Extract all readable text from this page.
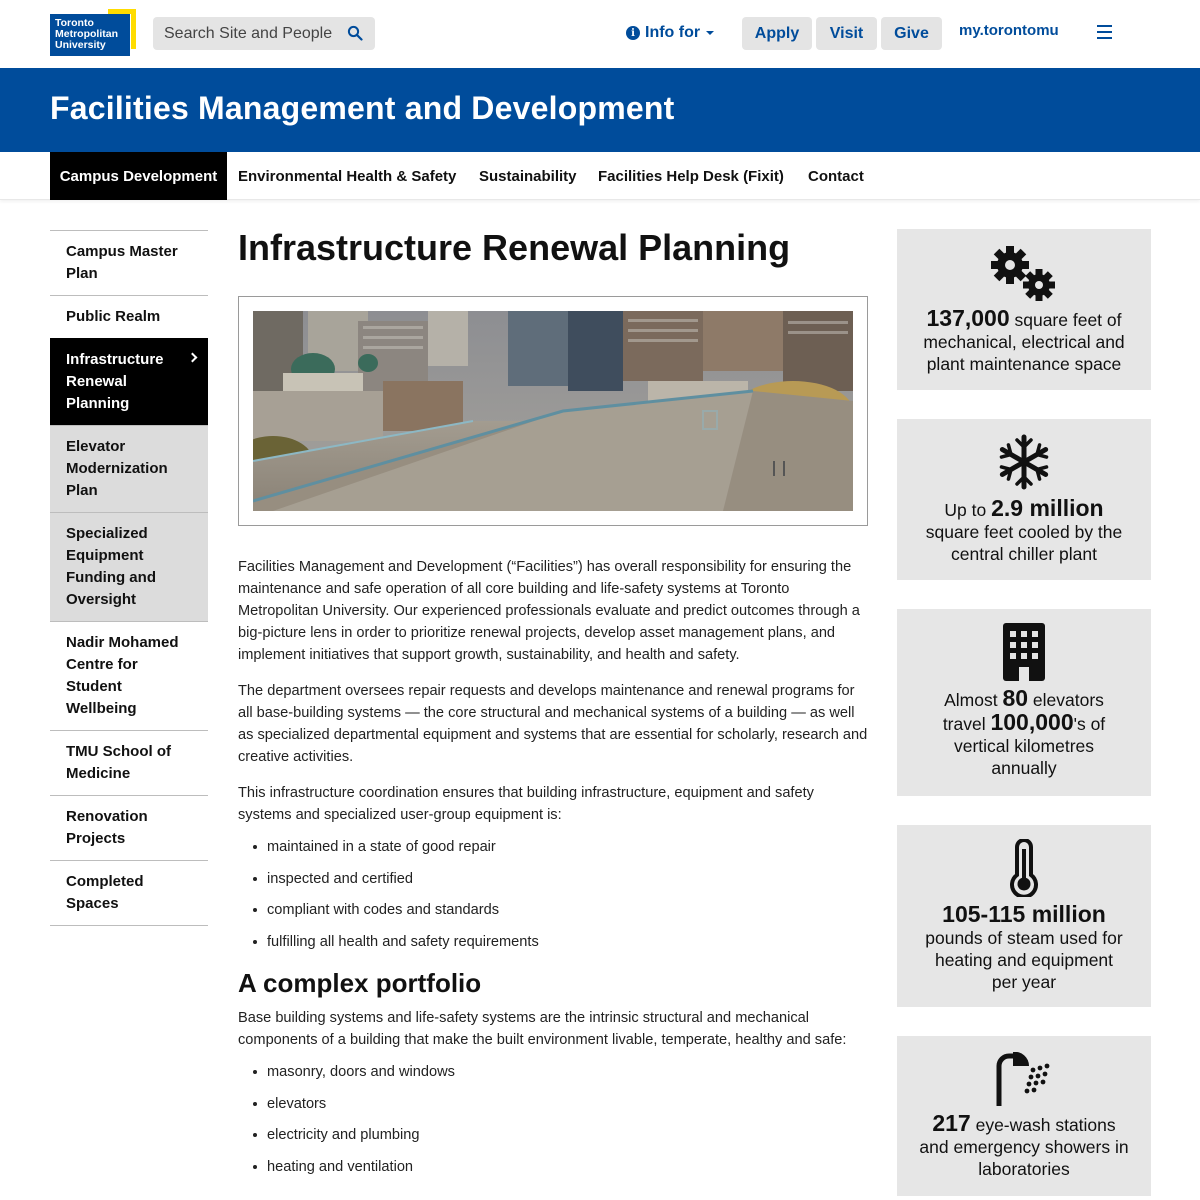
Toronto
Metropolitan
University
Search Site and People
i Info for	Apply	Visit	Give	my.torontomu
Facilities Management and Development
Campus Development	Environmental Health & Safety Sustainability Facilities Help Desk (Fixit) Contact
Campus Master Plan
Public Realm
Infrastructure Renewal Planning
Elevator Modernization Plan
Specialized Equipment Funding and Oversight
Nadir Mohamed Centre for Student Wellbeing
TMU School of Medicine
Renovation Projects
Completed Spaces
Infrastructure Renewal Planning

Facilities Management and Development (“Facilities”) has overall responsibility for ensuring the maintenance and safe operation of all core building and life-safety systems at Toronto Metropolitan University. Our experienced professionals evaluate and predict outcomes through a big-picture lens in order to prioritize renewal projects, develop asset management plans, and implement initiatives that support growth, sustainability, and health and safety.

The department oversees repair requests and develops maintenance and renewal programs for all base-building systems — the core structural and mechanical systems of a building — as well as specialized departmental equipment and systems that are essential for scholarly, research and creative activities.

This infrastructure coordination ensures that building infrastructure, equipment and safety systems and specialized user-group equipment is:

maintained in a state of good repair
inspected and certified
compliant with codes and standards
fulfilling all health and safety requirements
A complex portfolio

Base building systems and life-safety systems are the intrinsic structural and mechanical components of a building that make the built environment livable, temperate, healthy and safe:

masonry, doors and windows
elevators
electricity and plumbing
heating and ventilation
137,000 square feet of
mechanical, electrical and
plant maintenance space
Up to 2.9 million
square feet cooled by the
central chiller plant
Almost 80 elevators
travel 100,000's of
vertical kilometres
annually
105-115 million
pounds of steam used for
heating and equipment
per year
217 eye-wash stations
and emergency showers in
laboratories
